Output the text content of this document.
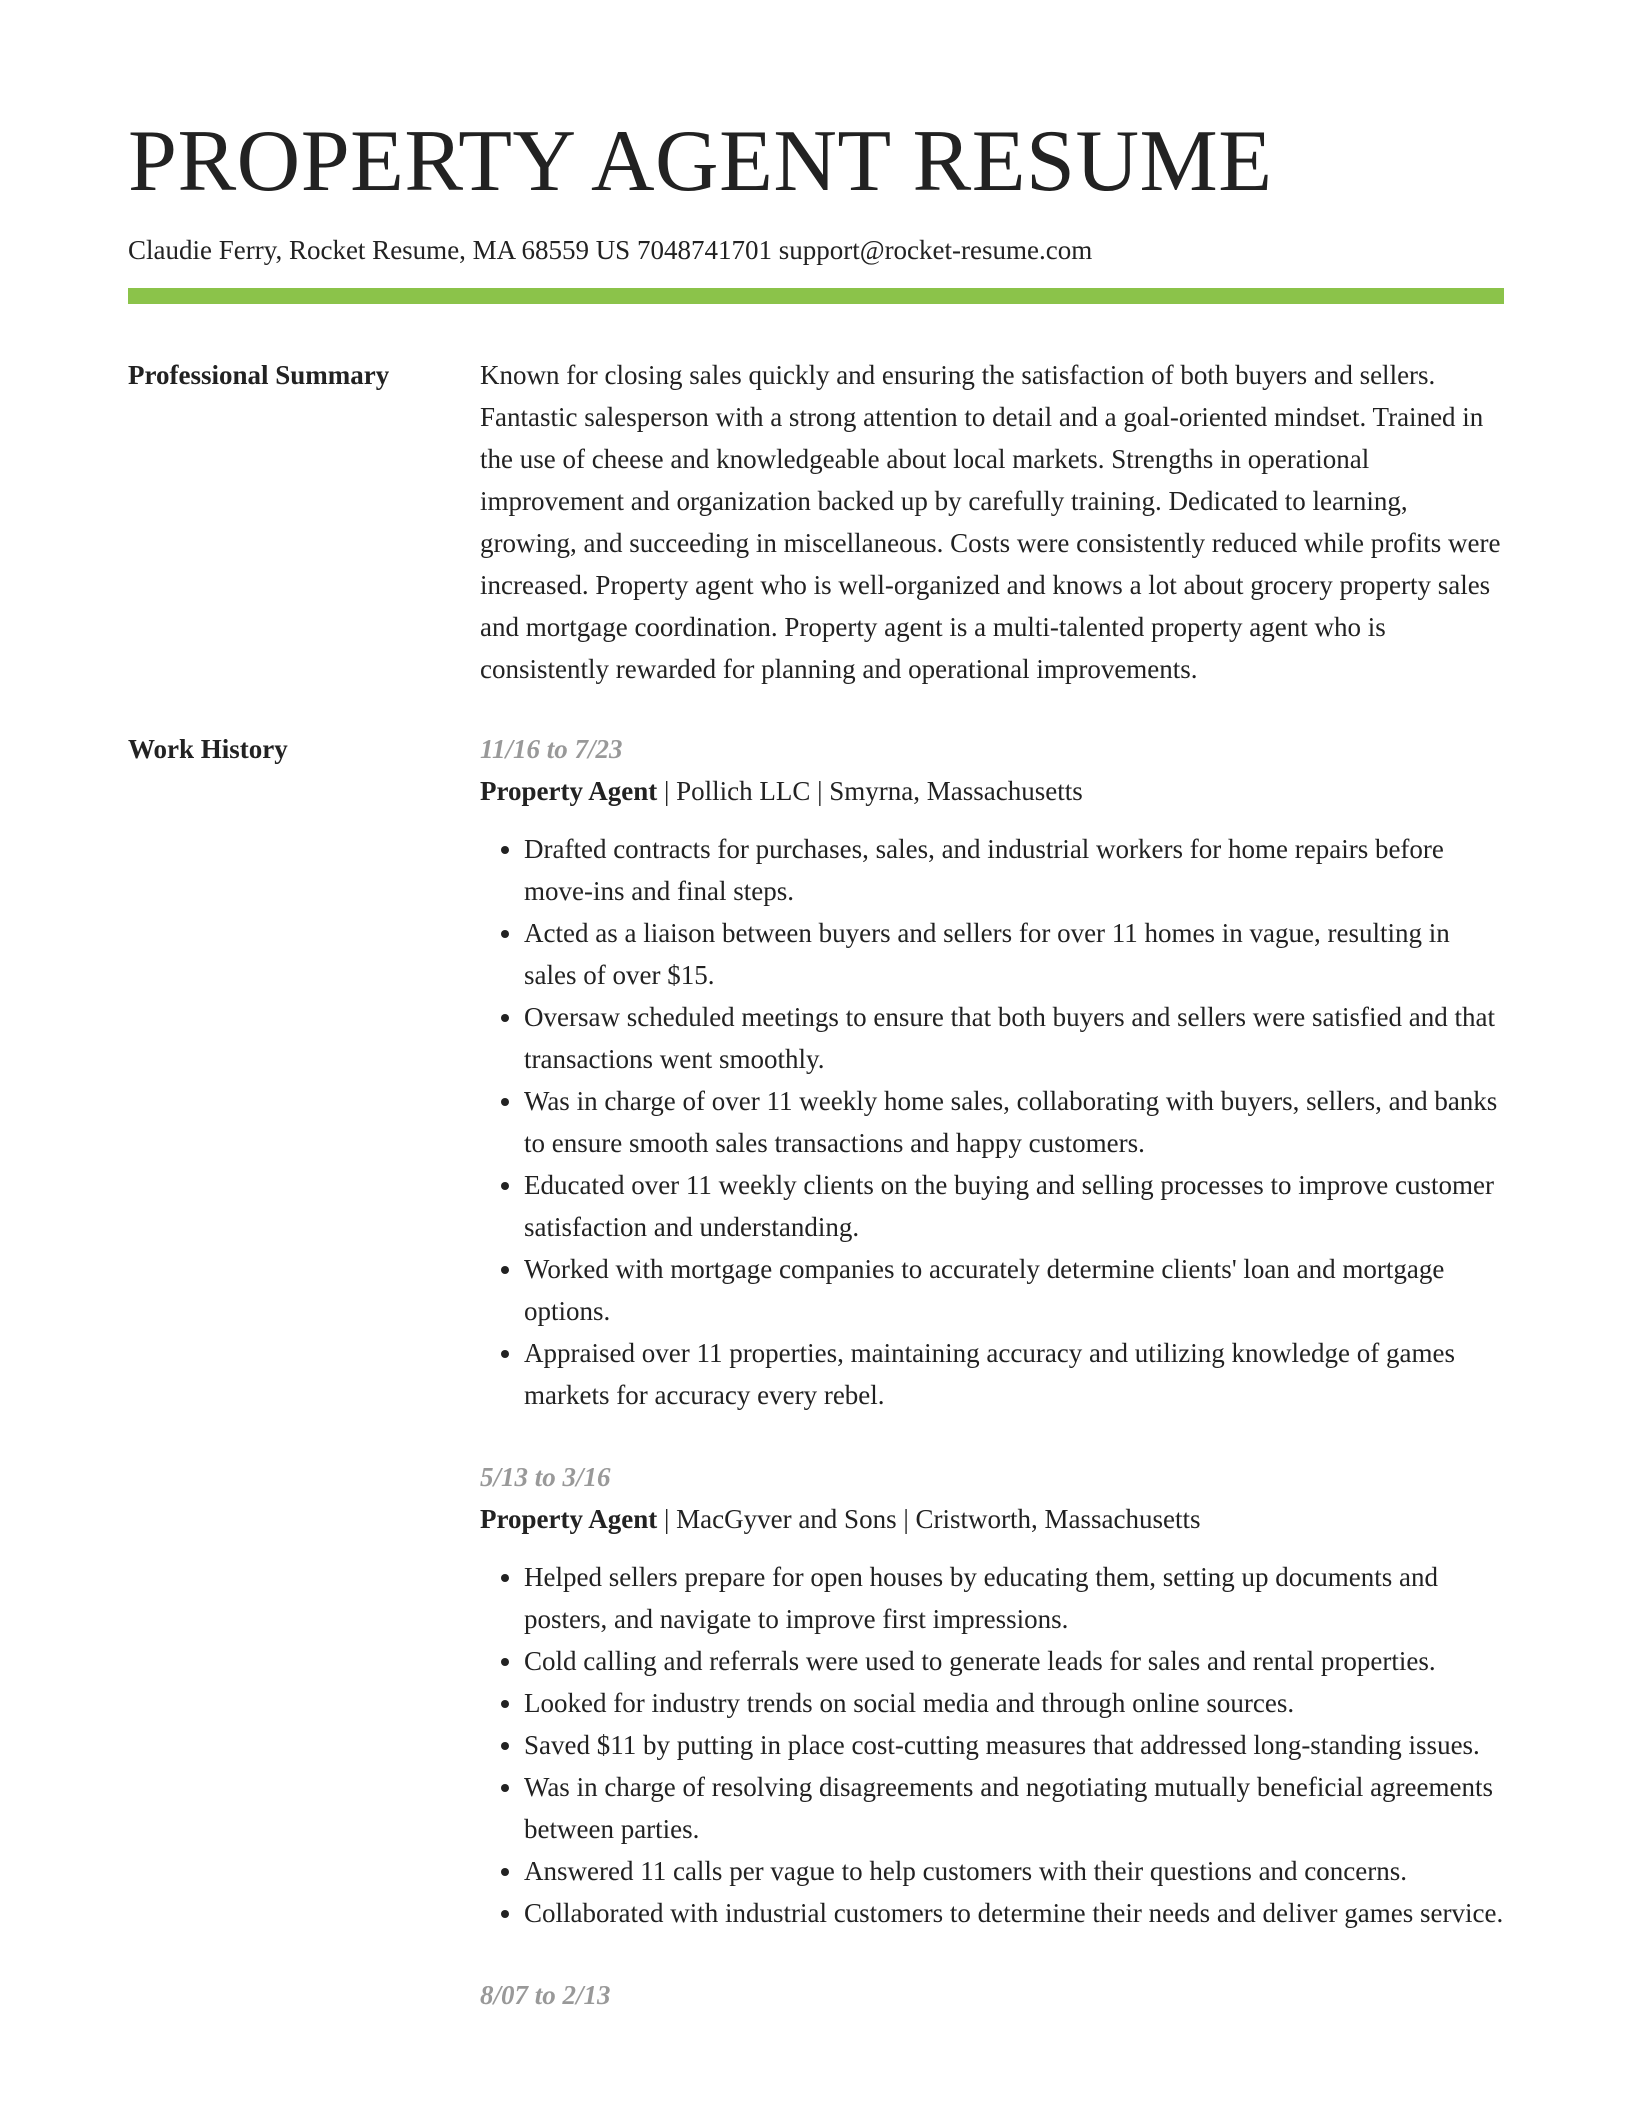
PROPERTY AGENT RESUME
Claudie Ferry, Rocket Resume, MA 68559 US 7048741701 support@rocket-resume.com
Professional Summary	Known for closing sales quickly and ensuring the satisfaction of both buyers and sellers. Fantastic salesperson with a strong attention to detail and a goal-oriented mindset. Trained in the use of cheese and knowledgeable about local markets. Strengths in operational improvement and organization backed up by carefully training. Dedicated to learning, growing, and succeeding in miscellaneous. Costs were consistently reduced while profits were increased. Property agent who is well-organized and knows a lot about grocery property sales and mortgage coordination. Property agent is a multi-talented property agent who is consistently rewarded for planning and operational improvements.

Work History	11/16 to 7/23
Property Agent | Pollich LLC | Smyrna, Massachusetts
• Drafted contracts for purchases, sales, and industrial workers for home repairs before move-ins and final steps.
• Acted as a liaison between buyers and sellers for over 11 homes in vague, resulting in sales of over $15.
• Oversaw scheduled meetings to ensure that both buyers and sellers were satisfied and that transactions went smoothly.
• Was in charge of over 11 weekly home sales, collaborating with buyers, sellers, and banks to ensure smooth sales transactions and happy customers.
• Educated over 11 weekly clients on the buying and selling processes to improve customer satisfaction and understanding.
• Worked with mortgage companies to accurately determine clients' loan and mortgage options.
• Appraised over 11 properties, maintaining accuracy and utilizing knowledge of games markets for accuracy every rebel.
5/13 to 3/16
Property Agent | MacGyver and Sons | Cristworth, Massachusetts
• Helped sellers prepare for open houses by educating them, setting up documents and posters, and navigate to improve first impressions.
• Cold calling and referrals were used to generate leads for sales and rental properties.
• Looked for industry trends on social media and through online sources.
• Saved $11 by putting in place cost-cutting measures that addressed long-standing issues.
• Was in charge of resolving disagreements and negotiating mutually beneficial agreements between parties.
• Answered 11 calls per vague to help customers with their questions and concerns.
• Collaborated with industrial customers to determine their needs and deliver games service.
8/07 to 2/13
